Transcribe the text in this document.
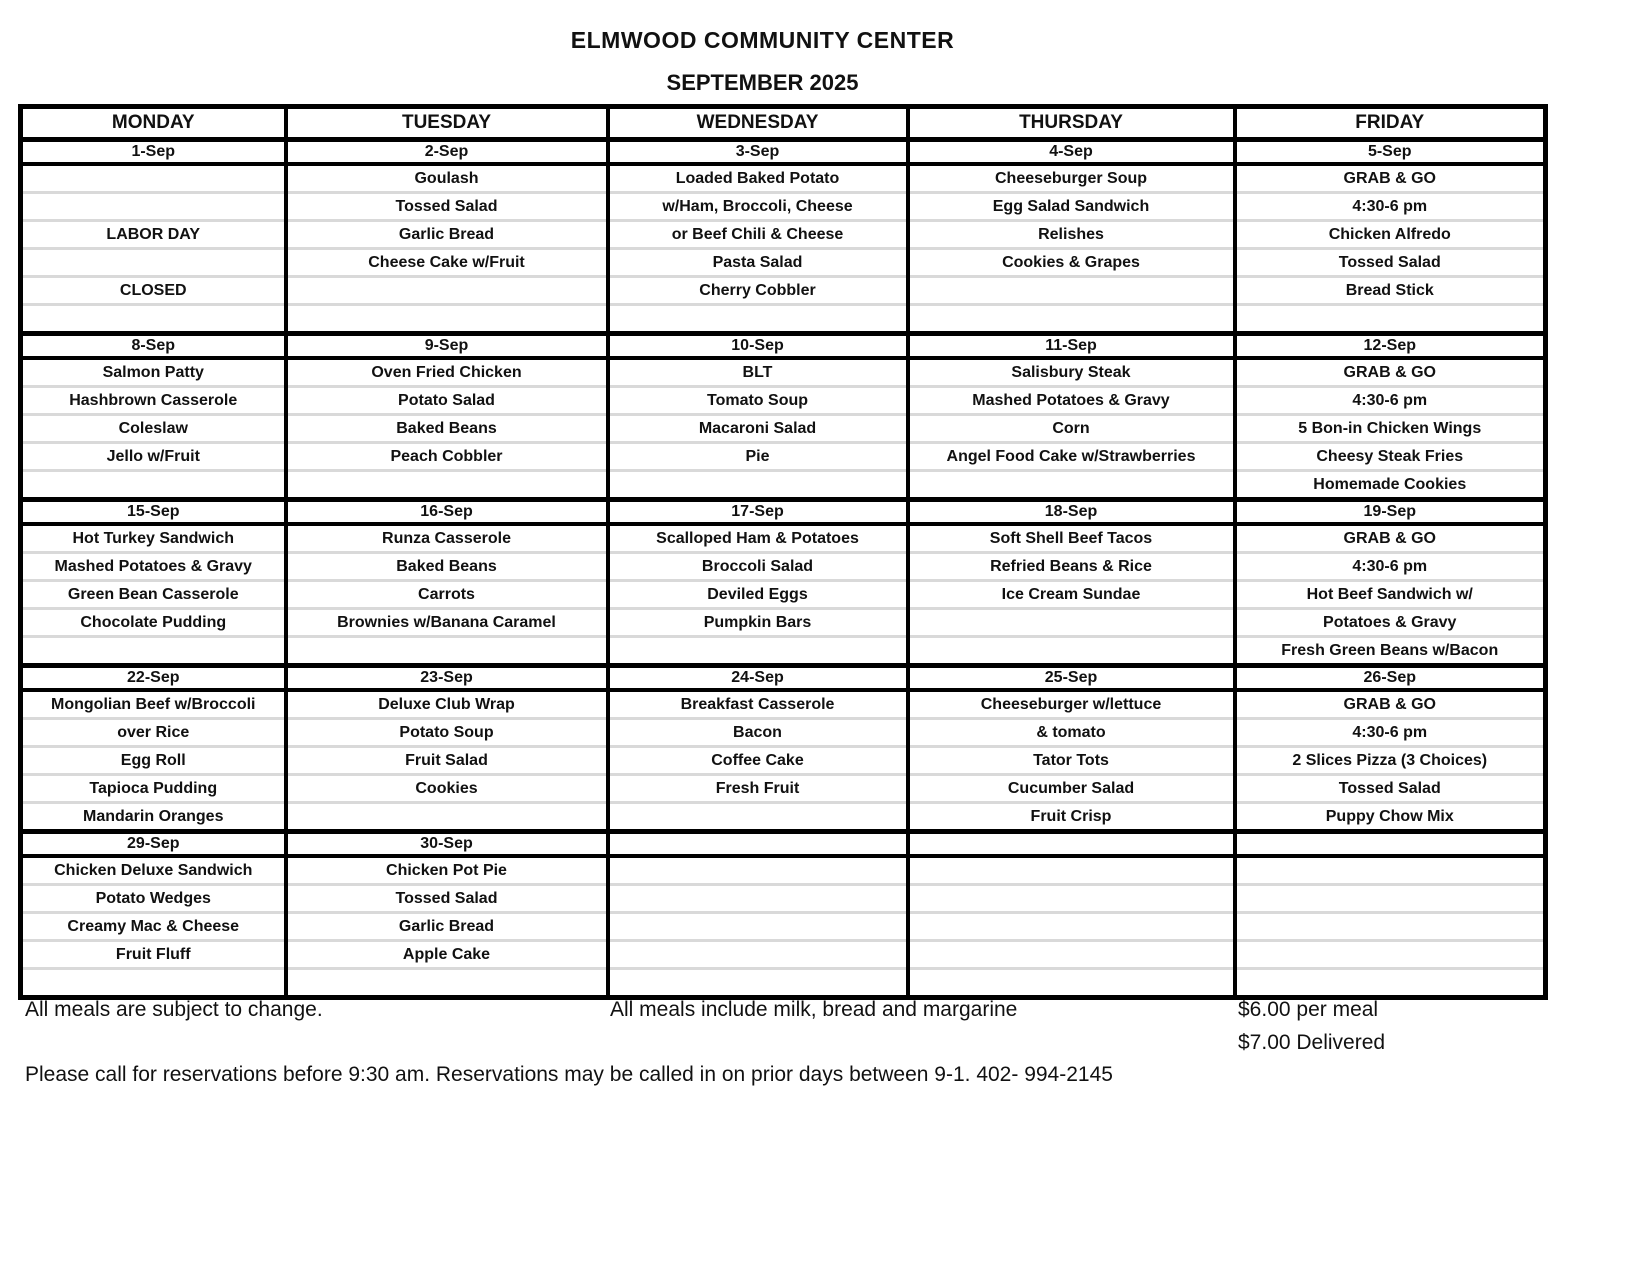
ELMWOOD COMMUNITY CENTER
SEPTEMBER 2025
MONDAY	TUESDAY	WEDNESDAY	THURSDAY	FRIDAY
1-Sep	2-Sep	3-Sep	4-Sep	5-Sep
	Goulash	Loaded Baked Potato	Cheeseburger Soup	GRAB & GO
	Tossed Salad	w/Ham, Broccoli, Cheese	Egg Salad Sandwich	4:30-6 pm
LABOR DAY	Garlic Bread	or Beef Chili & Cheese	Relishes	Chicken Alfredo
	Cheese Cake w/Fruit	Pasta Salad	Cookies & Grapes	Tossed Salad
CLOSED		Cherry Cobbler		Bread Stick

8-Sep	9-Sep	10-Sep	11-Sep	12-Sep
Salmon Patty	Oven Fried Chicken	BLT	Salisbury Steak	GRAB & GO
Hashbrown Casserole	Potato Salad	Tomato Soup	Mashed Potatoes & Gravy	4:30-6 pm
Coleslaw	Baked Beans	Macaroni Salad	Corn	5 Bon-in Chicken Wings
Jello w/Fruit	Peach Cobbler	Pie	Angel Food Cake w/Strawberries	Cheesy Steak Fries
				Homemade Cookies
15-Sep	16-Sep	17-Sep	18-Sep	19-Sep
Hot Turkey Sandwich	Runza Casserole	Scalloped Ham & Potatoes	Soft Shell Beef Tacos	GRAB & GO
Mashed Potatoes & Gravy	Baked Beans	Broccoli Salad	Refried Beans & Rice	4:30-6 pm
Green Bean Casserole	Carrots	Deviled Eggs	Ice Cream Sundae	Hot Beef Sandwich w/
Chocolate Pudding	Brownies w/Banana Caramel	Pumpkin Bars		Potatoes & Gravy
				Fresh Green Beans w/Bacon
22-Sep	23-Sep	24-Sep	25-Sep	26-Sep
Mongolian Beef w/Broccoli	Deluxe Club Wrap	Breakfast Casserole	Cheeseburger w/lettuce	GRAB & GO
over Rice	Potato Soup	Bacon	& tomato	4:30-6 pm
Egg Roll	Fruit Salad	Coffee Cake	Tator Tots	2 Slices Pizza (3 Choices)
Tapioca Pudding	Cookies	Fresh Fruit	Cucumber Salad	Tossed Salad
Mandarin Oranges			Fruit Crisp	Puppy Chow Mix
29-Sep	30-Sep			
Chicken Deluxe Sandwich	Chicken Pot Pie			
Potato Wedges	Tossed Salad			
Creamy Mac & Cheese	Garlic Bread			
Fruit Fluff	Apple Cake			

All meals are subject to change.	All meals include milk, bread and margarine	$6.00 per meal
$7.00 Delivered
Please call for reservations before 9:30 am. Reservations may be called in on prior days between 9-1. 402- 994-2145
